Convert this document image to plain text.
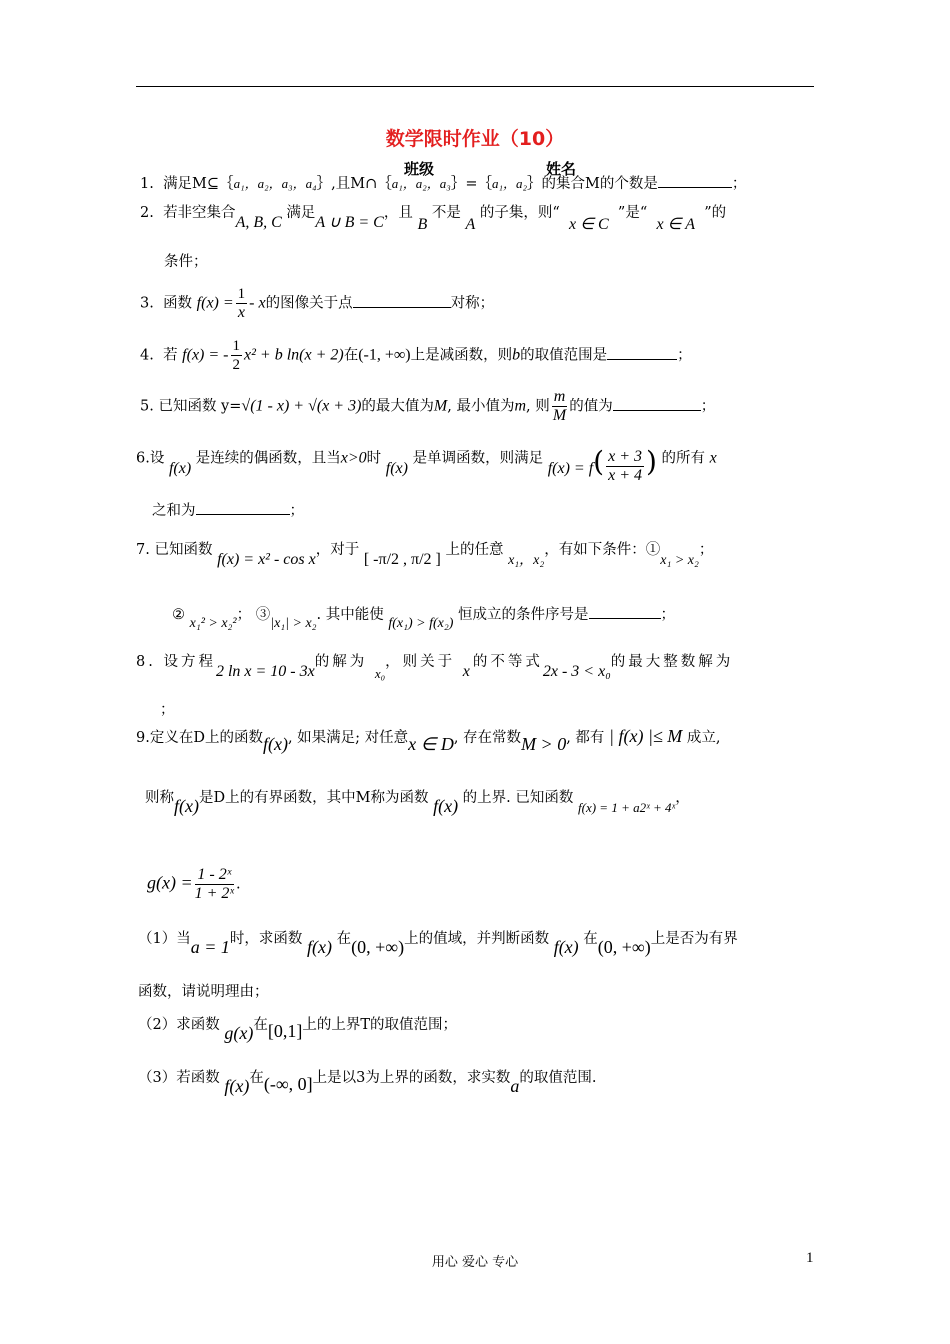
数学限时作业（10）
班级	姓名
1. 满足M⊆｛a₁，a₂，a₃，a₄｝,且M∩｛a₁，a₂，a₃｝=｛a₁，a₂｝的集合M的个数是	；
2. 若非空集合A, B, C 满足A ∪ B = C，且 B 不是 A 的子集，则“  x ∈ C  ”是“  x ∈ A  ”的
条件；
3. 函数 $f(x) = \frac{1}{x} - x$的图像关于点	对称；
4. 若 f(x) = - $\frac{1}{2} x^2 + b$ ln(x + 2)在(-1, +∞)上是减函数，则b的取值范围是	；
5. 已知函数 y=√(1 - x) + √(x + 3)的最大值为M, 最小值为m, 则 $\frac{m}{M}$ 的值为	；
6.设 f(x) 是连续的偶函数，且当x>0时 f(x) 是单调函数，则满足 $f(x) = f( \frac{x + 3}{x + 4}$ ) 的所有 x
之和为	；
7. 已知函数 f(x) = x² - cos x，对于 [ -π/2 , π/2 ] 上的任意 x₁，x₂，有如下条件：①x₁ > x₂；
② x₁² > x₂²； ③|x₁| > x₂. 其中能使 f(x₁) > f(x₂) 恒成立的条件序号是	；
8. 设方程2 ln x = 10 - 3x的解为 x₀，则关于 x的不等式2x - 3 < x₀的最大整数解为
；
9.定义在D上的函数f(x), 如果满足; 对任意x ∈ D, 存在常数M > 0, 都有 | f(x) |≤ M 成立,
则称f(x)是D上的有界函数，其中M称为函数 f(x) 的上界. 已知函数 f(x) = 1 + a2ˣ + 4ˣ，
$g(x) = \frac{\text{1 - 2ˣ}}{\text{1 + 2ˣ}}$ .
（1）当a = 1时，求函数 f(x) 在(0, +∞)上的值域，并判断函数 f(x) 在(0, +∞)上是否为有界
函数，请说明理由；
（2）求函数 g(x)在[0,1]上的上界T的取值范围；
（3）若函数 f(x)在(-∞, 0]上是以3为上界的函数，求实数a的取值范围.
用心 爱心 专心	1
